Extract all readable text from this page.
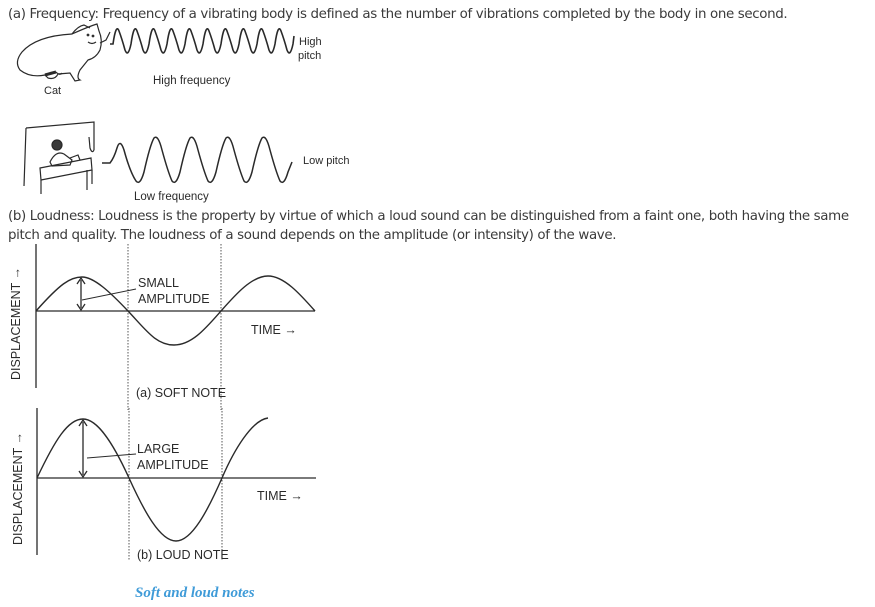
(a) Frequency: Frequency of a vibrating body is defined as the number of vibrations completed by the body in one second.
Cat
High
pitch
High frequency
Low pitch
Low frequency
DISPLACEMENT →	SMALL
AMPLITUDE
TIME →
(a) SOFT NOTE
DISPLACEMENT →	LARGE
AMPLITUDE
TIME →
(b) LOUD NOTE
(b) Loudness: Loudness is the property by virtue of which a loud sound can be distinguished from a faint one, both having the same pitch and quality. The loudness of a sound depends on the amplitude (or intensity) of the wave.
Soft and loud notes
